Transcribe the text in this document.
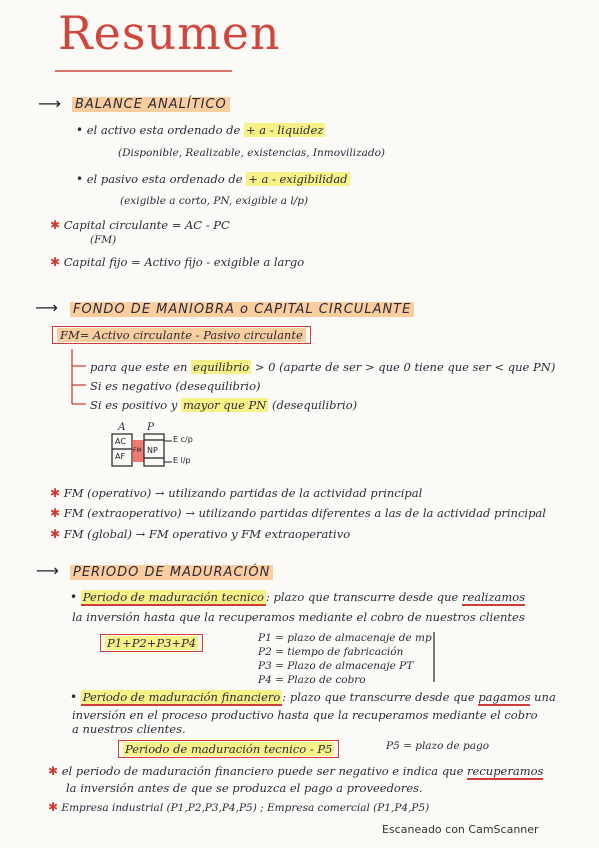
Resumen
⟶ BALANCE ANALÍTICO
• el activo esta ordenado de + a - liquidez
(Disponible, Realizable, existencias, Inmovilizado)
• el pasivo esta ordenado de + a - exigibilidad
(exigible a corto, PN, exigible a l/p)
✱ Capital circulante = AC - PC
(FM)
✱ Capital fijo = Activo fijo - exigible a largo
⟶ FONDO DE MANIOBRA o CAPITAL CIRCULANTE
FM= Activo circulante - Pasivo circulante
para que este en equilibrio > 0 (aparte de ser > que 0 tiene que ser < que PN)
Si es negativo (desequilibrio)
Si es positivo y mayor que PN (desequilibrio)
A P
AC
AF
FM NP
E c/p
E l/p
✱ FM (operativo) → utilizando partidas de la actividad principal
✱ FM (extraoperativo) → utilizando partidas diferentes a las de la actividad principal
✱ FM (global) → FM operativo y FM extraoperativo
⟶ PERIODO DE MADURACIÓN
• Periodo de maduración tecnico : plazo que transcurre desde que realizamos
la inversión hasta que la recuperamos mediante el cobro de nuestros clientes
P1+P2+P3+P4	P1 = plazo de almacenaje de mp
P2 = tiempo de fabricación
P3 = Plazo de almacenaje PT
P4 = Plazo de cobro
• Periodo de maduración financiero : plazo que transcurre desde que pagamos una
inversión en el proceso productivo hasta que la recuperamos mediante el cobro
a nuestros clientes.
Periodo de maduración tecnico - P5	P5 = plazo de pago
✱ el periodo de maduración financiero puede ser negativo e indica que recuperamos
la inversión antes de que se produzca el pago a proveedores.
✱ Empresa industrial (P1,P2,P3,P4,P5) ; Empresa comercial (P1,P4,P5)
Escaneado con CamScanner
